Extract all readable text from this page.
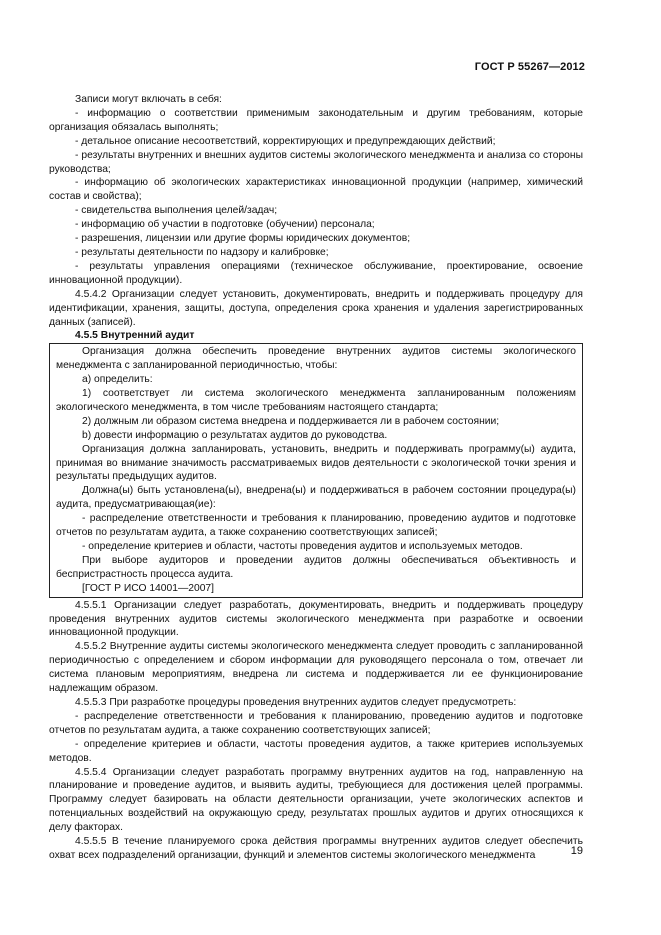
ГОСТ Р 55267—2012

Записи могут включать в себя:

- информацию о соответствии применимым законодательным и другим требованиям, которые организация обязалась выполнять;

- детальное описание несоответствий, корректирующих и предупреждающих действий;

- результаты внутренних и внешних аудитов системы экологического менеджмента и анализа со стороны руководства;

- информацию об экологических характеристиках инновационной продукции (например, химический состав и свойства);

- свидетельства выполнения целей/задач;

- информацию об участии в подготовке (обучении) персонала;

- разрешения, лицензии или другие формы юридических документов;

- результаты деятельности по надзору и калибровке;

- результаты управления операциями (техническое обслуживание, проектирование, освоение инновационной продукции).

4.5.4.2 Организации следует установить, документировать, внедрить и поддерживать процедуру для идентификации, хранения, защиты, доступа, определения срока хранения и удаления зарегистрированных данных (записей).

4.5.5 Внутренний аудит

Организация должна обеспечить проведение внутренних аудитов системы экологического менеджмента с запланированной периодичностью, чтобы:

a) определить:

1) соответствует ли система экологического менеджмента запланированным положениям экологического менеджмента, в том числе требованиям настоящего стандарта;

2) должным ли образом система внедрена и поддерживается ли в рабочем состоянии;

b) довести информацию о результатах аудитов до руководства.

Организация должна запланировать, установить, внедрить и поддерживать программу(ы) аудита, принимая во внимание значимость рассматриваемых видов деятельности с экологической точки зрения и результаты предыдущих аудитов.

Должна(ы) быть установлена(ы), внедрена(ы) и поддерживаться в рабочем состоянии процедура(ы) аудита, предусматривающая(ие):

- распределение ответственности и требования к планированию, проведению аудитов и подготовке отчетов по результатам аудита, а также сохранению соответствующих записей;

- определение критериев и области, частоты проведения аудитов и используемых методов.

При выборе аудиторов и проведении аудитов должны обеспечиваться объективность и беспристрастность процесса аудита.

[ГОСТ Р ИСО 14001—2007]

4.5.5.1 Организации следует разработать, документировать, внедрить и поддерживать процедуру проведения внутренних аудитов системы экологического менеджмента при разработке и освоении инновационной продукции.

4.5.5.2 Внутренние аудиты системы экологического менеджмента следует проводить с запланированной периодичностью с определением и сбором информации для руководящего персонала о том, отвечает ли система плановым мероприятиям, внедрена ли система и поддерживается ли ее функционирование надлежащим образом.

4.5.5.3 При разработке процедуры проведения внутренних аудитов следует предусмотреть:

- распределение ответственности и требования к планированию, проведению аудитов и подготовке отчетов по результатам аудита, а также сохранению соответствующих записей;

- определение критериев и области, частоты проведения аудитов, а также критериев используемых методов.

4.5.5.4 Организации следует разработать программу внутренних аудитов на год, направленную на планирование и проведение аудитов, и выявить аудиты, требующиеся для достижения целей программы. Программу следует базировать на области деятельности организации, учете экологических аспектов и потенциальных воздействий на окружающую среду, результатах прошлых аудитов и других относящихся к делу факторах.

4.5.5.5 В течение планируемого срока действия программы внутренних аудитов следует обеспечить охват всех подразделений организации, функций и элементов системы экологического менеджмента	19
